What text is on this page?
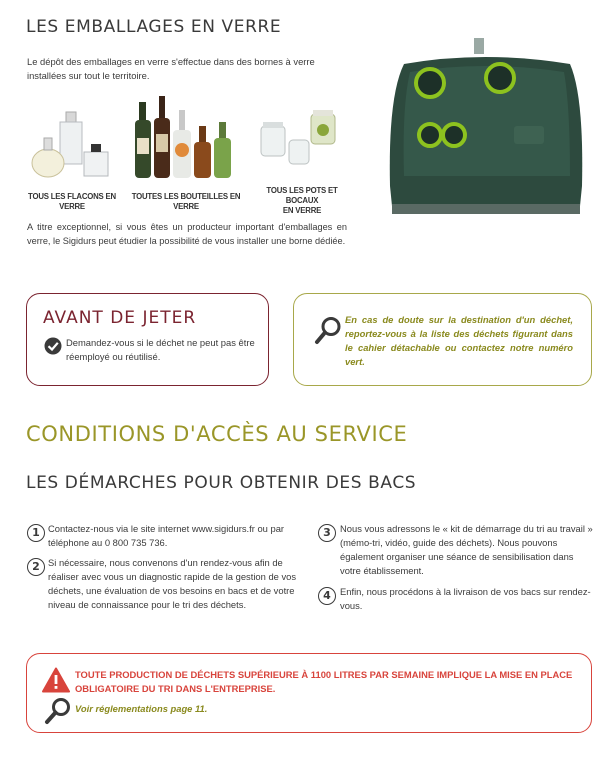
LES EMBALLAGES EN VERRE
Le dépôt des emballages en verre s'effectue dans des bornes à verre installées sur tout le territoire.
TOUS LES FLACONS EN VERRE
TOUTES LES BOUTEILLES EN VERRE
TOUS LES POTS ET BOCAUX
EN VERRE
A titre exceptionnel, si vous êtes un producteur important d'emballages en verre, le Sigidurs peut étudier la possibilité de vous installer une borne dédiée.
AVANT DE JETER
Demandez-vous si le déchet ne peut pas être réemployé ou réutilisé.
En cas de doute sur la destination d'un déchet, reportez-vous à la liste des déchets figurant dans le cahier détachable ou contactez notre numéro vert.
CONDITIONS D'ACCÈS AU SERVICE
LES DÉMARCHES POUR OBTENIR DES BACS
1 Contactez-nous via le site internet www.sigidurs.fr ou par téléphone au 0 800 735 736.
2 Si nécessaire, nous convenons d'un rendez-vous afin de réaliser avec vous un diagnostic rapide de la gestion de vos déchets, une évaluation de vos besoins en bacs et de votre niveau de connaissance pour le tri des déchets.
3 Nous vous adressons le « kit de démarrage du tri au travail » (mémo-tri, vidéo, guide des déchets). Nous pouvons également organiser une séance de sensibilisation dans votre établissement.
4 Enfin, nous procédons à la livraison de vos bacs sur rendez-vous.
TOUTE PRODUCTION DE DÉCHETS SUPÉRIEURE À 1100 LITRES PAR SEMAINE IMPLIQUE LA MISE EN PLACE OBLIGATOIRE DU TRI DANS L'ENTREPRISE.
Voir réglementations page 11.
